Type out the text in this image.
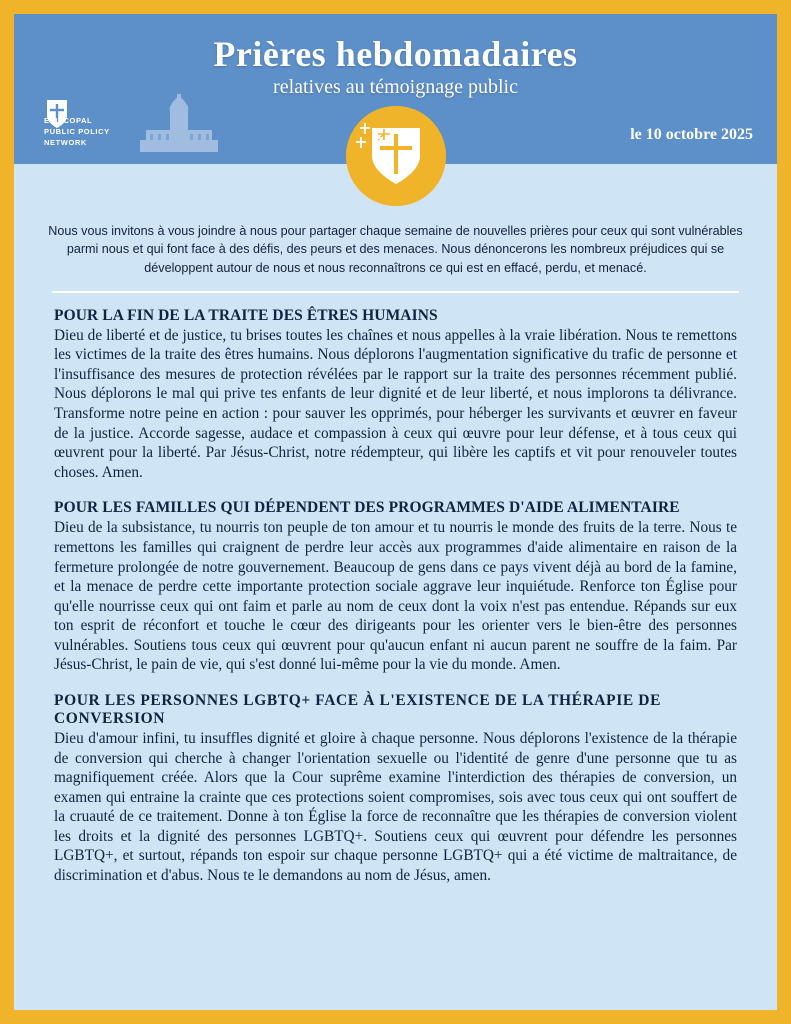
Prières hebdomadaires
relatives au témoignage public
EPISCOPAL
PUBLIC POLICY
NETWORK	le 10 octobre 2025
Nous vous invitons à vous joindre à nous pour partager chaque semaine de nouvelles prières pour ceux qui sont vulnérables parmi nous et qui font face à des défis, des peurs et des menaces. Nous dénoncerons les nombreux préjudices qui se développent autour de nous et nous reconnaîtrons ce qui est en effacé, perdu, et menacé.
POUR LA FIN DE LA TRAITE DES ÊTRES HUMAINS
Dieu de liberté et de justice, tu brises toutes les chaînes et nous appelles à la vraie libération. Nous te remettons les victimes de la traite des êtres humains. Nous déplorons l'augmentation significative du trafic de personne et l'insuffisance des mesures de protection révélées par le rapport sur la traite des personnes récemment publié. Nous déplorons le mal qui prive tes enfants de leur dignité et de leur liberté, et nous implorons ta délivrance. Transforme notre peine en action : pour sauver les opprimés, pour héberger les survivants et œuvrer en faveur de la justice. Accorde sagesse, audace et compassion à ceux qui œuvre pour leur défense, et à tous ceux qui œuvrent pour la liberté. Par Jésus-Christ, notre rédempteur, qui libère les captifs et vit pour renouveler toutes choses. Amen.
POUR LES FAMILLES QUI DÉPENDENT DES PROGRAMMES D'AIDE ALIMENTAIRE
Dieu de la subsistance, tu nourris ton peuple de ton amour et tu nourris le monde des fruits de la terre. Nous te remettons les familles qui craignent de perdre leur accès aux programmes d'aide alimentaire en raison de la fermeture prolongée de notre gouvernement. Beaucoup de gens dans ce pays vivent déjà au bord de la famine, et la menace de perdre cette importante protection sociale aggrave leur inquiétude. Renforce ton Église pour qu'elle nourrisse ceux qui ont faim et parle au nom de ceux dont la voix n'est pas entendue. Répands sur eux ton esprit de réconfort et touche le cœur des dirigeants pour les orienter vers le bien-être des personnes vulnérables. Soutiens tous ceux qui œuvrent pour qu'aucun enfant ni aucun parent ne souffre de la faim. Par Jésus-Christ, le pain de vie, qui s'est donné lui-même pour la vie du monde. Amen.
POUR LES PERSONNES LGBTQ+ FACE À L'EXISTENCE DE LA THÉRAPIE DE CONVERSION
Dieu d'amour infini, tu insuffles dignité et gloire à chaque personne. Nous déplorons l'existence de la thérapie de conversion qui cherche à changer l'orientation sexuelle ou l'identité de genre d'une personne que tu as magnifiquement créée. Alors que la Cour suprême examine l'interdiction des thérapies de conversion, un examen qui entraine la crainte que ces protections soient compromises, sois avec tous ceux qui ont souffert de la cruauté de ce traitement. Donne à ton Église la force de reconnaître que les thérapies de conversion violent les droits et la dignité des personnes LGBTQ+. Soutiens ceux qui œuvrent pour défendre les personnes LGBTQ+, et surtout, répands ton espoir sur chaque personne LGBTQ+ qui a été victime de maltraitance, de discrimination et d'abus. Nous te le demandons au nom de Jésus, amen.
